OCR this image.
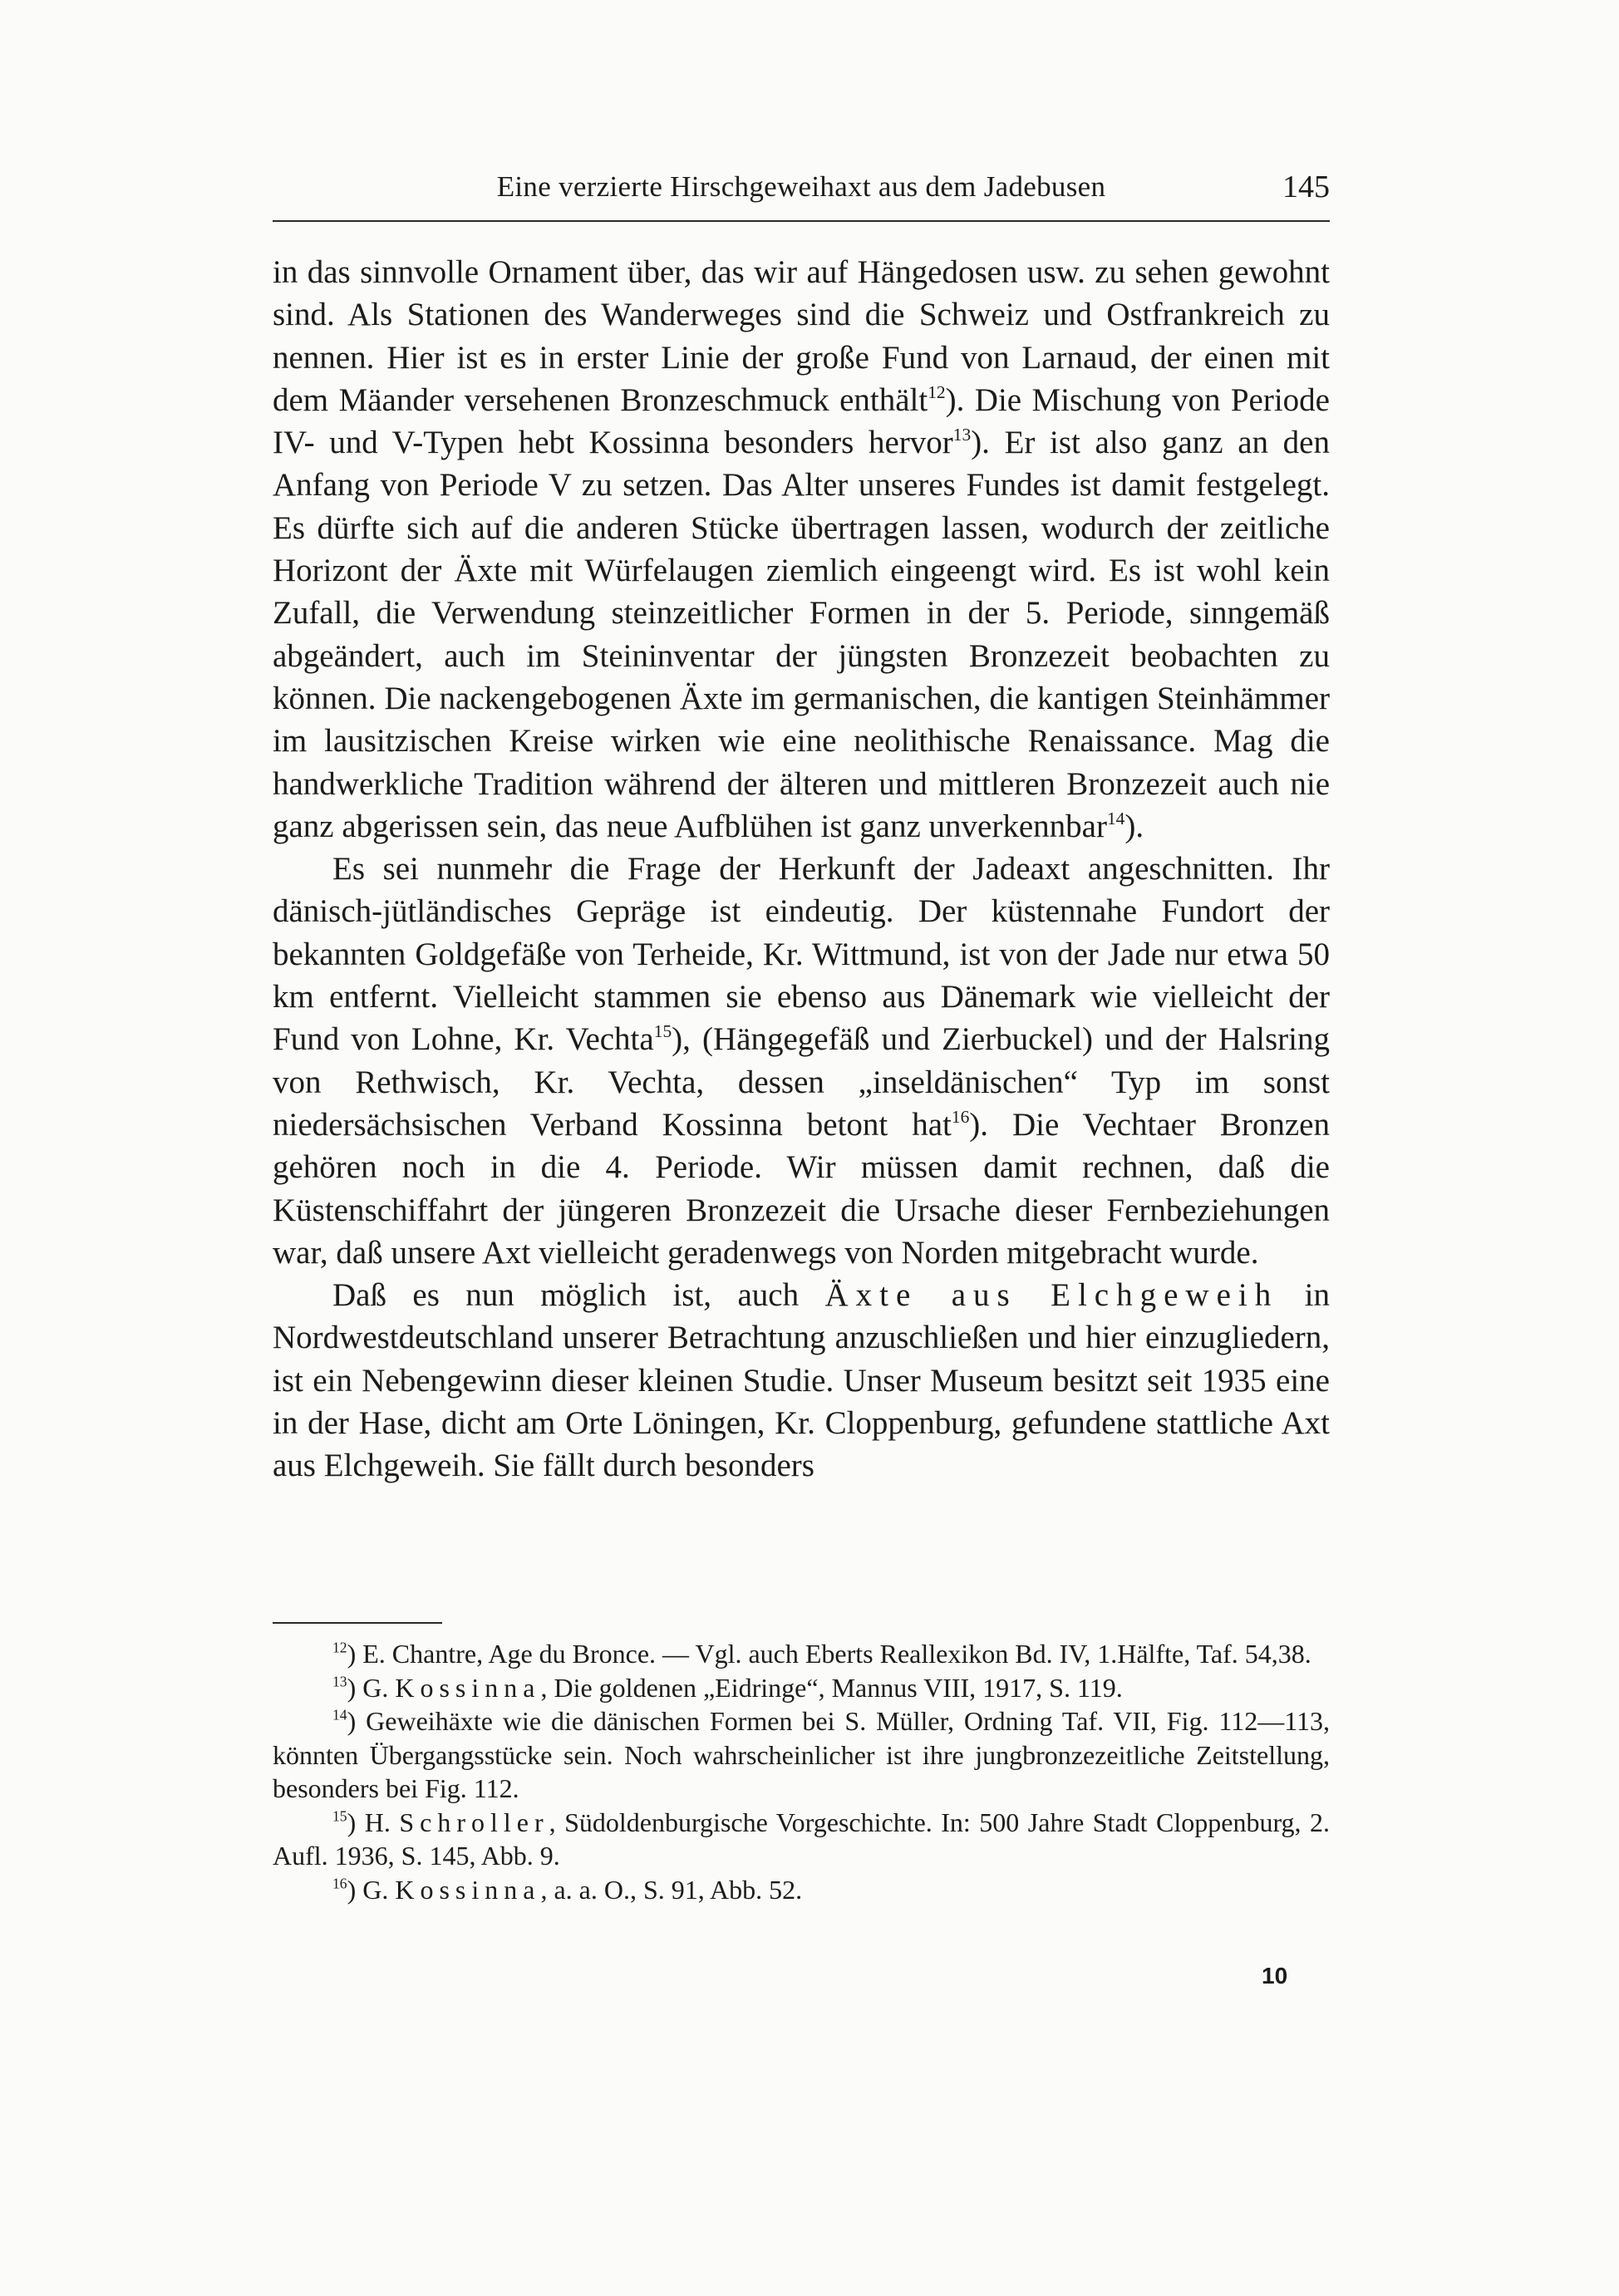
Eine verzierte Hirschgeweihaxt aus dem Jadebusen	145

in das sinnvolle Ornament über, das wir auf Hängedosen usw. zu sehen gewohnt sind. Als Stationen des Wanderweges sind die Schweiz und Ostfrankreich zu nennen. Hier ist es in erster Linie der große Fund von Larnaud, der einen mit dem Mäander versehenen Bronzeschmuck enthält$^{12}$). Die Mischung von Periode IV- und V-Typen hebt Kossinna besonders hervor$^{13}$). Er ist also ganz an den Anfang von Periode V zu setzen. Das Alter unseres Fundes ist damit festgelegt. Es dürfte sich auf die anderen Stücke übertragen lassen, wodurch der zeitliche Horizont der Äxte mit Würfelaugen ziemlich eingeengt wird. Es ist wohl kein Zufall, die Verwendung steinzeitlicher Formen in der 5. Periode, sinngemäß abgeändert, auch im Steininventar der jüngsten Bronzezeit beobachten zu können. Die nackengebogenen Äxte im germanischen, die kantigen Steinhämmer im lausitzischen Kreise wirken wie eine neolithische Renaissance. Mag die handwerkliche Tradition während der älteren und mittleren Bronzezeit auch nie ganz abgerissen sein, das neue Aufblühen ist ganz unverkennbar$^{14}$).

Es sei nunmehr die Frage der Herkunft der Jadeaxt angeschnitten. Ihr dänisch-jütländisches Gepräge ist eindeutig. Der küstennahe Fundort der bekannten Goldgefäße von Terheide, Kr. Wittmund, ist von der Jade nur etwa 50 km entfernt. Vielleicht stammen sie ebenso aus Dänemark wie vielleicht der Fund von Lohne, Kr. Vechta$^{15}$), (Hängegefäß und Zierbuckel) und der Halsring von Rethwisch, Kr. Vechta, dessen „inseldänischen“ Typ im sonst niedersächsischen Verband Kossinna betont hat$^{16}$). Die Vechtaer Bronzen gehören noch in die 4. Periode. Wir müssen damit rechnen, daß die Küstenschiffahrt der jüngeren Bronzezeit die Ursache dieser Fernbeziehungen war, daß unsere Axt vielleicht geradenwegs von Norden mitgebracht wurde.

Daß es nun möglich ist, auch Äxte aus Elchgeweih in Nordwestdeutschland unserer Betrachtung anzuschließen und hier einzugliedern, ist ein Nebengewinn dieser kleinen Studie. Unser Museum besitzt seit 1935 eine in der Hase, dicht am Orte Löningen, Kr. Cloppenburg, gefundene stattliche Axt aus Elchgeweih. Sie fällt durch besonders

$^{12}$) E. Chantre, Age du Bronce. — Vgl. auch Eberts Reallexikon Bd. IV, 1.Hälfte, Taf. 54,38.

$^{13}$) G. Kossinna, Die goldenen „Eidringe“, Mannus VIII, 1917, S. 119.

$^{14}$) Geweihäxte wie die dänischen Formen bei S. Müller, Ordning Taf. VII, Fig. 112—113, könnten Übergangsstücke sein. Noch wahrscheinlicher ist ihre jungbronzezeitliche Zeitstellung, besonders bei Fig. 112.

$^{15}$) H. Schroller, Südoldenburgische Vorgeschichte. In: 500 Jahre Stadt Cloppenburg, 2. Aufl. 1936, S. 145, Abb. 9.

$^{16}$) G. Kossinna, a. a. O., S. 91, Abb. 52.

10
